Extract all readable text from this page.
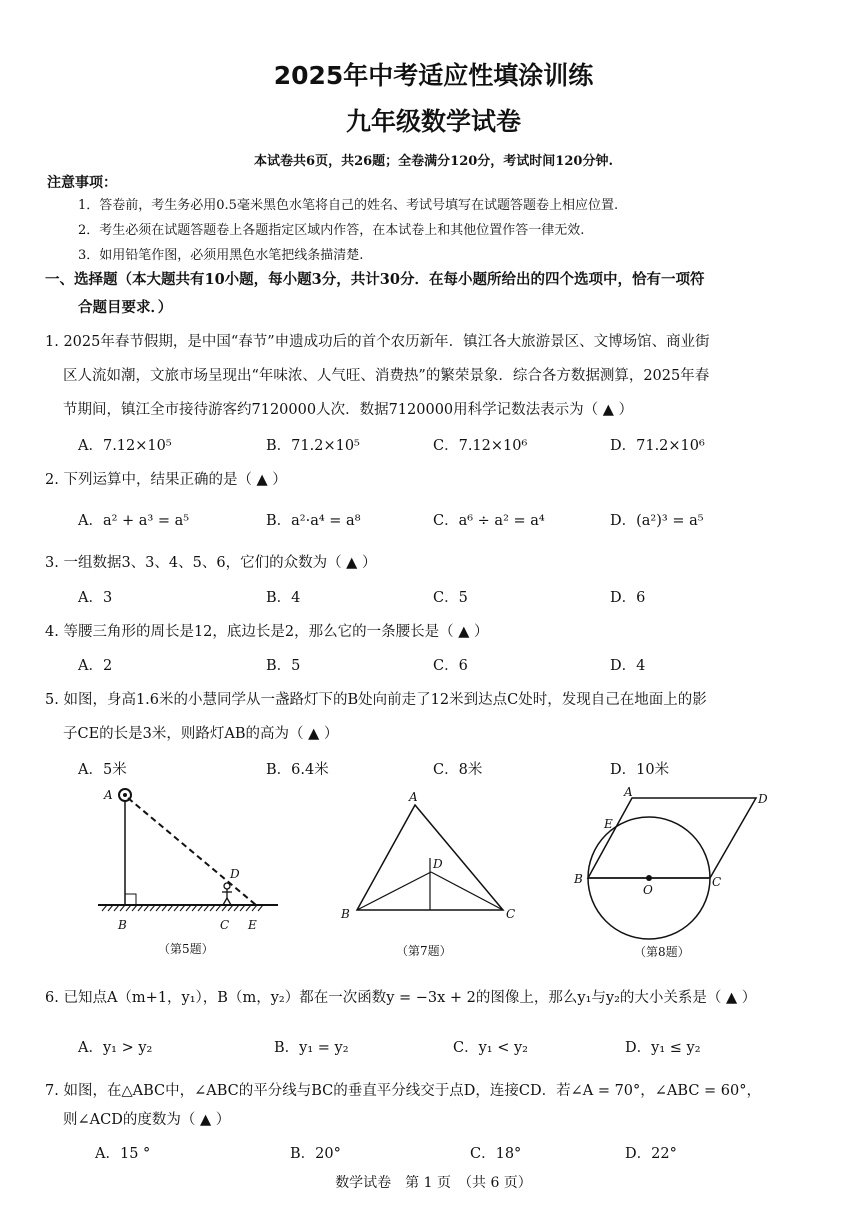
2025年中考适应性填涂训练
九年级数学试卷
本试卷共6页，共26题；全卷满分120分，考试时间120分钟.
注意事项：
1．答卷前，考生务必用0.5毫米黑色水笔将自己的姓名、考试号填写在试题答题卷上相应位置.
2．考生必须在试题答题卷上各题指定区域内作答，在本试卷上和其他位置作答一律无效.
3．如用铅笔作图，必须用黑色水笔把线条描清楚.
一、选择题（本大题共有10小题，每小题3分，共计30分．在每小题所给出的四个选项中，恰有一项符
合题目要求．）
1. 2025年春节假期，是中国“春节”申遗成功后的首个农历新年．镇江各大旅游景区、文博场馆、商业街
区人流如潮，文旅市场呈现出“年味浓、人气旺、消费热”的繁荣景象．综合各方数据测算，2025年春
节期间，镇江全市接待游客约7120000人次．数据7120000用科学记数法表示为（ ▲ ）
A．7.12×10⁵	B．71.2×10⁵	C．7.12×10⁶	D．71.2×10⁶
2. 下列运算中，结果正确的是（ ▲ ）
A．a² + a³ = a⁵	B．a²·a⁴ = a⁸	C．a⁶ ÷ a² = a⁴	D．(a²)³ = a⁵
3. 一组数据3、3、4、5、6，它们的众数为（ ▲ ）
A．3	B．4	C．5	D．6
4. 等腰三角形的周长是12，底边长是2，那么它的一条腰长是（ ▲ ）
A．2	B．5	C．6	D．4
5. 如图，身高1.6米的小慧同学从一盏路灯下的B处向前走了12米到达点C处时，发现自己在地面上的影
子CE的长是3米，则路灯AB的高为（ ▲ ）
A．5米	B．6.4米	C．8米	D．10米
A
D
B	C E
（第5题）
A
D
B	C
（第7题）
A	D
E
B
O
C
（第8题）
6. 已知点A（m+1，y₁），B（m，y₂）都在一次函数y = −3x + 2的图像上，那么y₁与y₂的大小关系是（ ▲ ）
A．y₁ > y₂	B．y₁ = y₂	C．y₁ < y₂	D．y₁ ≤ y₂
7. 如图，在△ABC中，∠ABC的平分线与BC的垂直平分线交于点D，连接CD．若∠A = 70°，∠ABC = 60°，
则∠ACD的度数为（ ▲ ）
A．15 °	B．20°	C．18°	D．22°
数学试卷　第 1 页　（共 6 页）
